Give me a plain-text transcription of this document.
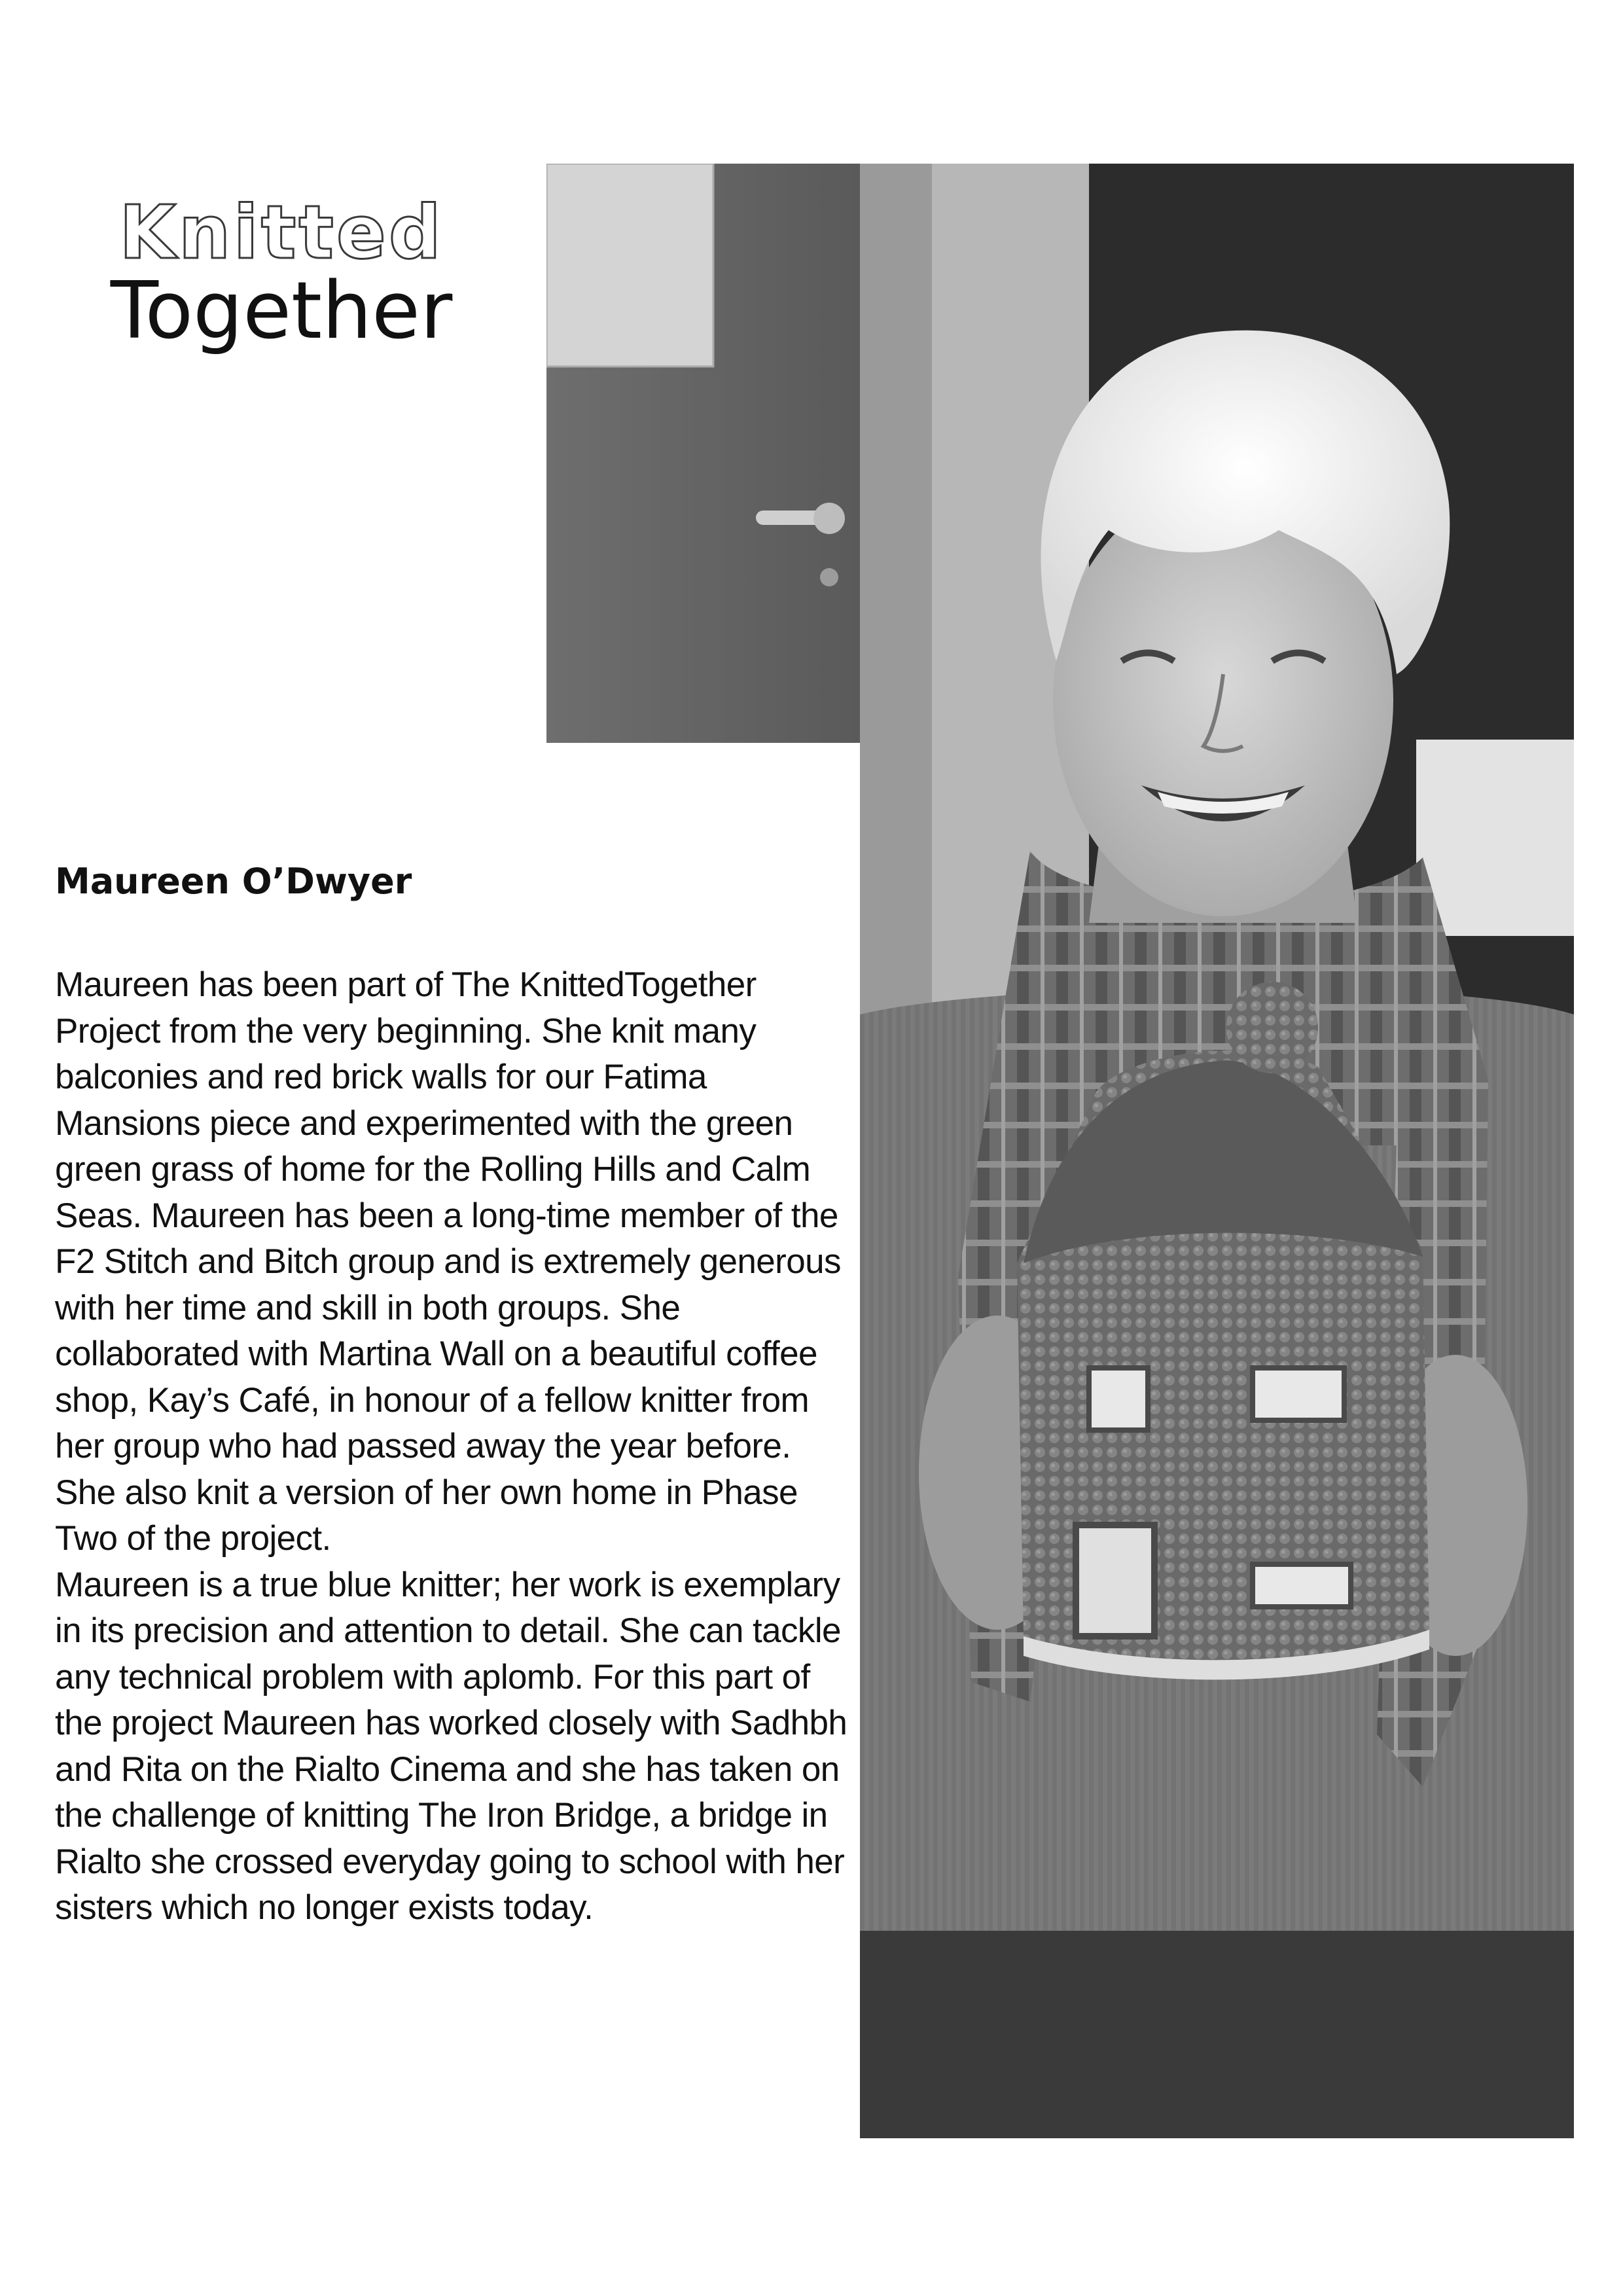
Knitted
Together
Maureen O’Dwyer

Maureen has been part of The KnittedTogether Project from the very beginning. She knit many balconies and red brick walls for our Fatima Mansions piece and experimented with the green green grass of home for the Rolling Hills and Calm Seas. Maureen has been a long-time member of the F2 Stitch and Bitch group and is extremely generous with her time and skill in both groups. She collaborated with Martina Wall on a beautiful coffee shop, Kay’s Café, in honour of a fellow knitter from her group who had passed away the year before. She also knit a version of her own home in Phase Two of the project.

Maureen is a true blue knitter; her work is exemplary in its precision and attention to detail. She can tackle any technical problem with aplomb. For this part of the project Maureen has worked closely with Sadhbh and Rita on the Rialto Cinema and she has taken on the challenge of knitting The Iron Bridge, a bridge in Rialto she crossed everyday going to school with her sisters which no longer exists today.
